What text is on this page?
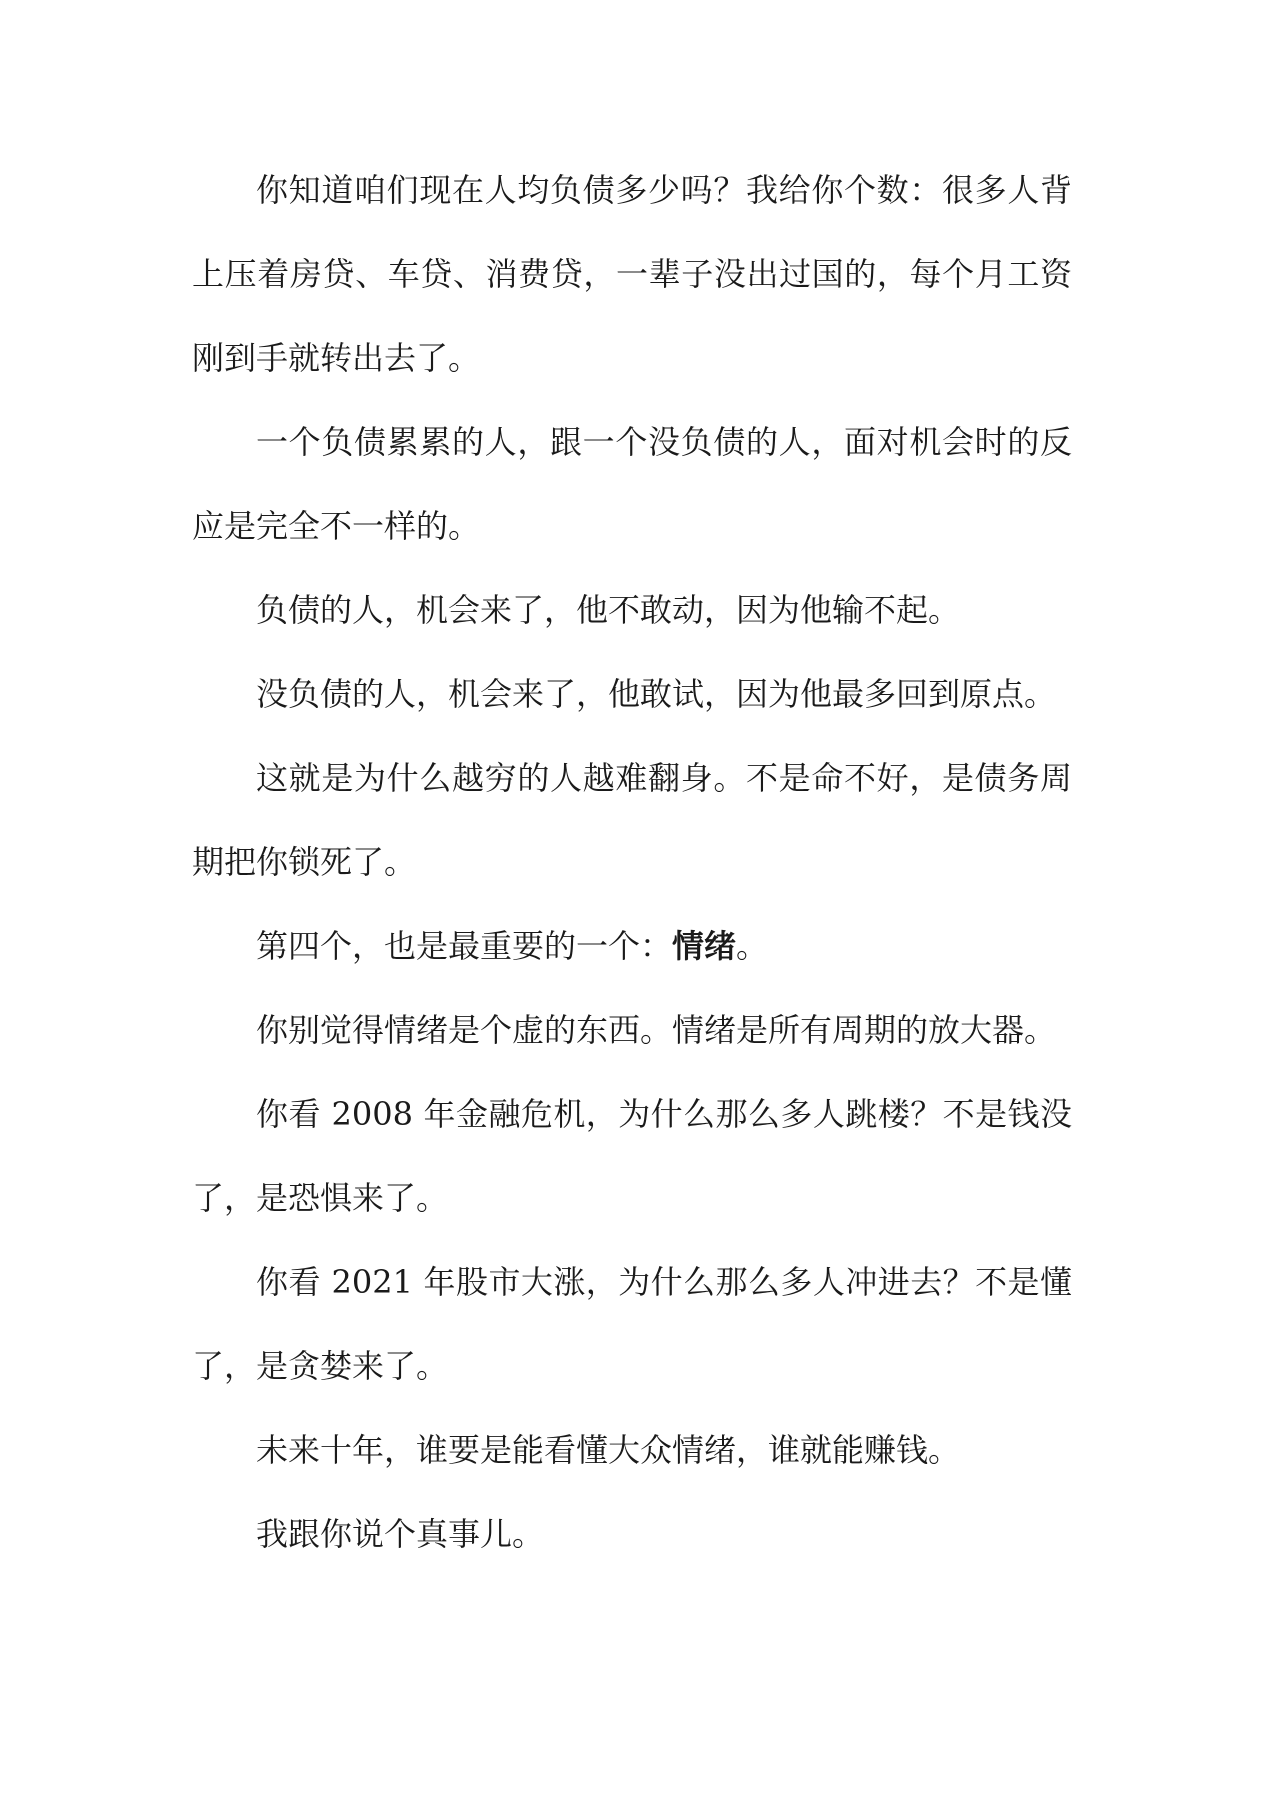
你知道咱们现在人均负债多少吗？我给你个数：很多人背上压着房贷、车贷、消费贷，一辈子没出过国的，每个月工资刚到手就转出去了。

一个负债累累的人，跟一个没负债的人，面对机会时的反应是完全不一样的。

负债的人，机会来了，他不敢动，因为他输不起。

没负债的人，机会来了，他敢试，因为他最多回到原点。

这就是为什么越穷的人越难翻身。不是命不好，是债务周期把你锁死了。

第四个，也是最重要的一个：情绪。

你别觉得情绪是个虚的东西。情绪是所有周期的放大器。

你看 2008 年金融危机，为什么那么多人跳楼？不是钱没了，是恐惧来了。

你看 2021 年股市大涨，为什么那么多人冲进去？不是懂了，是贪婪来了。

未来十年，谁要是能看懂大众情绪，谁就能赚钱。

我跟你说个真事儿。
